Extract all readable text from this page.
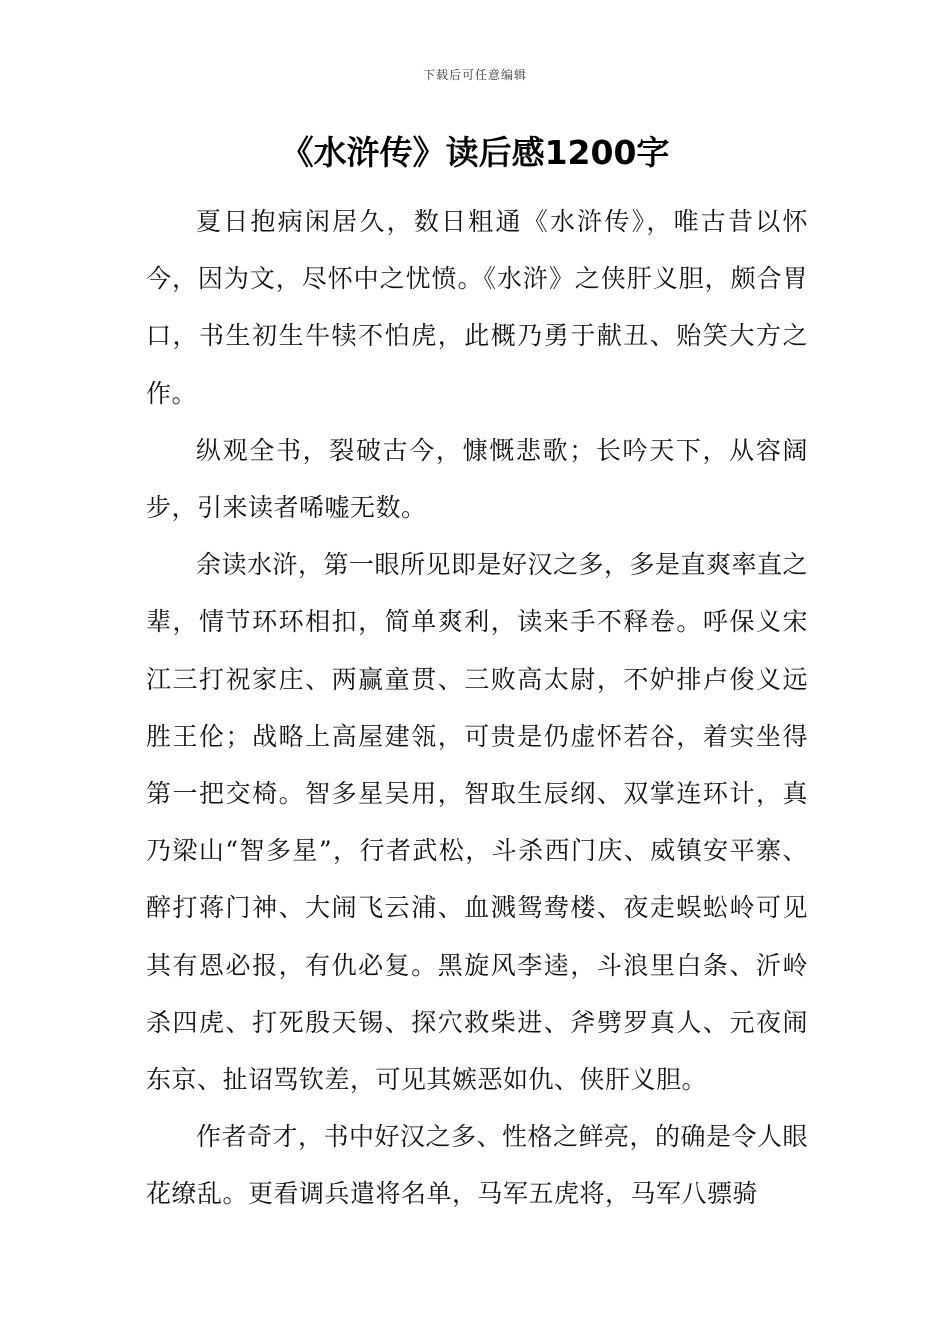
下载后可任意编辑
《水浒传》读后感1200字

夏日抱病闲居久，数日粗通《水浒传》，唯古昔以怀今，因为文，尽怀中之忧愤。《水浒》之侠肝义胆，颇合胃口，书生初生牛犊不怕虎，此概乃勇于献丑、贻笑大方之作。

纵观全书，裂破古今，慷慨悲歌；长吟天下，从容阔步，引来读者唏嘘无数。

余读水浒，第一眼所见即是好汉之多，多是直爽率直之辈，情节环环相扣，简单爽利，读来手不释卷。呼保义宋江三打祝家庄、两赢童贯、三败高太尉，不妒排卢俊义远胜王伦；战略上高屋建瓴，可贵是仍虚怀若谷，着实坐得第一把交椅。智多星吴用，智取生辰纲、双掌连环计，真乃梁山“智多星”，行者武松，斗杀西门庆、威镇安平寨、醉打蒋门神、大闹飞云浦、血溅鸳鸯楼、夜走蜈蚣岭可见其有恩必报，有仇必复。黑旋风李逵，斗浪里白条、沂岭杀四虎、打死殷天锡、探穴救柴进、斧劈罗真人、元夜闹东京、扯诏骂钦差，可见其嫉恶如仇、侠肝义胆。

作者奇才，书中好汉之多、性格之鲜亮，的确是令人眼花缭乱。更看调兵遣将名单，马军五虎将，马军八骠骑
